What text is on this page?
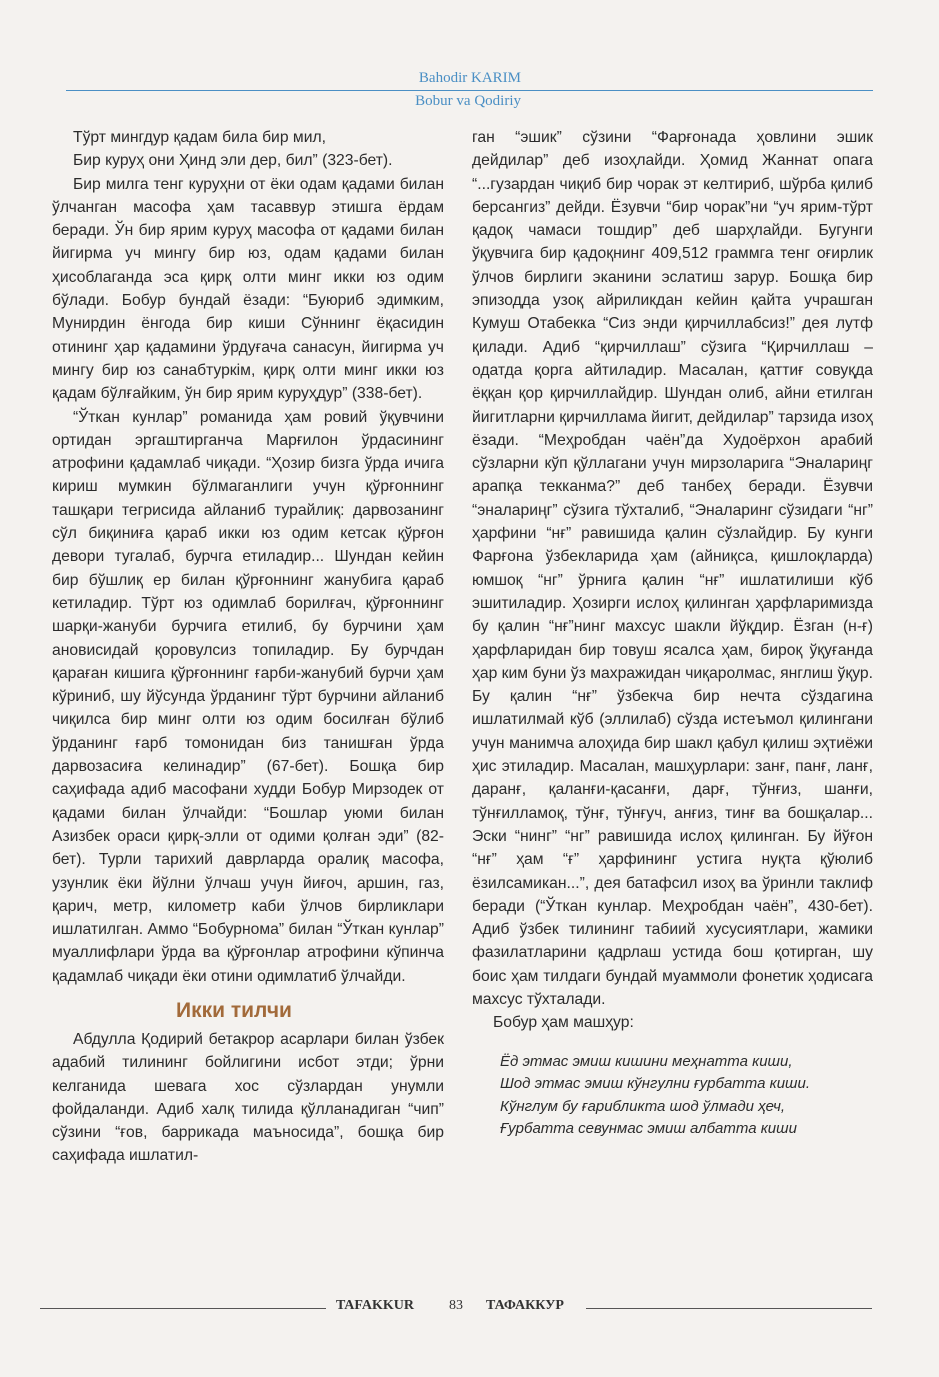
Bahodir KARIM
Bobur va Qodiriy
Тўрт мингдур қадам била бир мил,
Бир куруҳ они Ҳинд эли дер, бил” (323-бет).

Бир милга тенг куруҳни от ёки одам қадами билан ўлчанган масофа ҳам тасаввур этишга ёрдам беради. Ўн бир ярим куруҳ масофа от қадами билан йигирма уч мингу бир юз, одам қадами билан ҳисоблаганда эса қирқ олти минг икки юз одим бўлади. Бобур бундай ёзади: “Буюриб эдимким, Мунирдин ёнгода бир киши Сўннинг ёқасидин отининг ҳар қадамини ўрдуғача санасун, йигирма уч мингу бир юз санабтуркім, қирқ олти минг икки юз қадам бўлғайким, ўн бир ярим куруҳдур” (338-бет).

“Ўткан кунлар” романида ҳам ровий ўқувчини ортидан эргаштирганча Марғилон ўрдасининг атрофини қадамлаб чиқади. “Ҳозир бизга ўрда ичига кириш мумкин бўлмаганлиги учун қўрғоннинг ташқари тегрисида айланиб турайлиқ: дарвозанинг сўл биқиниға қараб икки юз одим кетсак қўрғон девори тугалаб, бурчга етиладир... Шундан кейин бир бўшлиқ ер билан қўрғоннинг жанубига қараб кетиладир. Тўрт юз одимлаб борилғач, қўрғоннинг шарқи-жануби бурчига етилиб, бу бурчини ҳам ановисидай қоровулсиз топиладир. Бу бурчдан қараған кишига қўрғоннинг ғарби-жанубий бурчи ҳам кўриниб, шу йўсунда ўрданинг тўрт бурчини айланиб чиқилса бир минг олти юз одим босилған бўлиб ўрданинг ғарб томонидан биз танишған ўрда дарвозасиға келинадир” (67-бет). Бошқа бир саҳифада адиб масофани худди Бобур Мирзодек от қадами билан ўлчайди: “Бошлар уюми билан Азизбек ораси қирқ-элли от одими қолған эди” (82-бет). Турли тарихий даврларда оралиқ масофа, узунлик ёки йўлни ўлчаш учун йиғоч, аршин, газ, қарич, метр, километр каби ўлчов бирликлари ишлатилган. Аммо “Бобурнома” билан “Ўткан кунлар” муаллифлари ўрда ва қўрғонлар атрофини кўпинча қадамлаб чиқади ёки отини одимлатиб ўлчайди.

Икки тилчи

Абдулла Қодирий бетакрор асарлари билан ўзбек адабий тилининг бойлигини исбот этди; ўрни келганида шевага хос сўзлардан унумли фойдаланди. Адиб халқ тилида қўлланадиган “чип” сўзини “ғов, баррикада маъносида”, бошқа бир саҳифада ишлатил-

ган “эшик” сўзини “Фарғонада ҳовлини эшик дейдилар” деб изоҳлайди. Ҳомид Жаннат опага “...гузардан чиқиб бир чорак эт келтириб, шўрба қилиб берсангиз” дейди. Ёзувчи “бир чорак”ни “уч ярим-тўрт қадоқ чамаси тошдир” деб шарҳлайди. Бугунги ўқувчига бир қадоқнинг 409,512 граммга тенг оғирлик ўлчов бирлиги эканини эслатиш зарур. Бошқа бир эпизодда узоқ айриликдан кейин қайта учрашган Кумуш Отабекка “Сиз энди қирчиллабсиз!” дея лутф қилади. Адиб “қирчиллаш” сўзига “Қирчиллаш – одатда қорга айтиладир. Масалан, қаттиғ совуқда ёққан қор қирчиллайдир. Шундан олиб, айни етилган йигитларни қирчиллама йигит, дейдилар” тарзида изоҳ ёзади. “Меҳробдан чаён”да Худоёрхон арабий сўзларни кўп қўллагани учун мирзоларига “Эналариңг арапқа текканма?” деб танбеҳ беради. Ёзувчи “эналариңг” сўзига тўхталиб, “Эналаринг сўзидаги “нг” ҳарфини “нғ” равишида қалин сўзлайдир. Бу кунги Фарғона ўзбекларида ҳам (айниқса, қишлоқларда) юмшоқ “нг” ўрнига қалин “нғ” ишлатилиши кўб эшитиладир. Ҳозирги ислоҳ қилинган ҳарфларимизда бу қалин “нғ”нинг махсус шакли йўқдир. Ёзган (н-ғ) ҳарфларидан бир товуш ясалса ҳам, бироқ ўқуғанда ҳар ким буни ўз махражидан чиқаролмас, янглиш ўқур. Бу қалин “нғ” ўзбекча бир нечта сўздагина ишлатилмай кўб (эллилаб) сўзда истеъмол қилингани учун манимча алоҳида бир шакл қабул қилиш эҳтиёжи ҳис этиладир. Масалан, машҳурлари: занғ, панғ, ланғ, даранғ, қаланғи-қасанғи, дарғ, тўнғиз, шанғи, тўнғилламоқ, тўнғ, тўнғуч, анғиз, тинғ ва бошқалар... Эски “нинг” “нг” равишида ислоҳ қилинган. Бу йўғон “нғ” ҳам “ғ” ҳарфининг устига нуқта қўюлиб ёзилсамикан...”, дея батафсил изоҳ ва ўринли таклиф беради (“Ўткан кунлар. Меҳробдан чаён”, 430-бет). Адиб ўзбек тилининг табиий хусусиятлари, жамики фазилатларини қадрлаш устида бош қотирган, шу боис ҳам тилдаги бундай муаммоли фонетик ҳодисага махсус тўхталади.

Бобур ҳам машҳур:

Ёд этмас эмиш кишини меҳнатта киши,
Шод этмас эмиш кўнгулни ғурбатта киши.
Кўнглум бу ғарибликта шод ўлмади ҳеч,
Ғурбатта севунмас эмиш албатта киши
TAFAKKUR 83 ТАФАККУР
